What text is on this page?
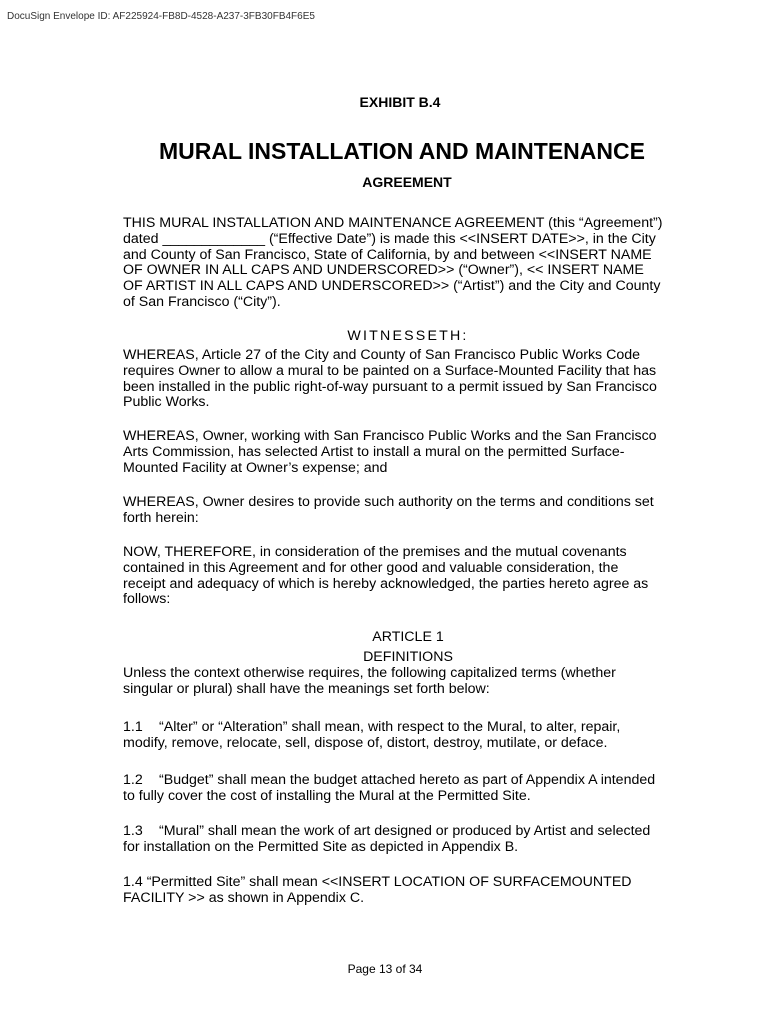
DocuSign Envelope ID: AF225924-FB8D-4528-A237-3FB30FB4F6E5
EXHIBIT B.4
MURAL INSTALLATION AND MAINTENANCE
AGREEMENT

THIS MURAL INSTALLATION AND MAINTENANCE AGREEMENT (this “Agreement”) dated _____________ (“Effective Date”) is made this <<INSERT DATE>>, in the City and County of San Francisco, State of California, by and between <<INSERT NAME OF OWNER IN ALL CAPS AND UNDERSCORED>> (“Owner”), << INSERT NAME OF ARTIST IN ALL CAPS AND UNDERSCORED>> (“Artist”) and the City and County of San Francisco (“City”).

WITNESSETH:

WHEREAS, Article 27 of the City and County of San Francisco Public Works Code requires Owner to allow a mural to be painted on a Surface-Mounted Facility that has been installed in the public right-of-way pursuant to a permit issued by San Francisco Public Works.

WHEREAS, Owner, working with San Francisco Public Works and the San Francisco Arts Commission, has selected Artist to install a mural on the permitted Surface-Mounted Facility at Owner’s expense; and

WHEREAS, Owner desires to provide such authority on the terms and conditions set forth herein:

NOW, THEREFORE, in consideration of the premises and the mutual covenants contained in this Agreement and for other good and valuable consideration, the receipt and adequacy of which is hereby acknowledged, the parties hereto agree as follows:

ARTICLE 1
DEFINITIONS

Unless the context otherwise requires, the following capitalized terms (whether singular or plural) shall have the meanings set forth below:

1.1 “Alter” or “Alteration” shall mean, with respect to the Mural, to alter, repair, modify, remove, relocate, sell, dispose of, distort, destroy, mutilate, or deface.

1.2 “Budget” shall mean the budget attached hereto as part of Appendix A intended to fully cover the cost of installing the Mural at the Permitted Site.

1.3 “Mural” shall mean the work of art designed or produced by Artist and selected for installation on the Permitted Site as depicted in Appendix B.

1.4 “Permitted Site” shall mean <<INSERT LOCATION OF SURFACEMOUNTED FACILITY >> as shown in Appendix C.

Page 13 of 34
